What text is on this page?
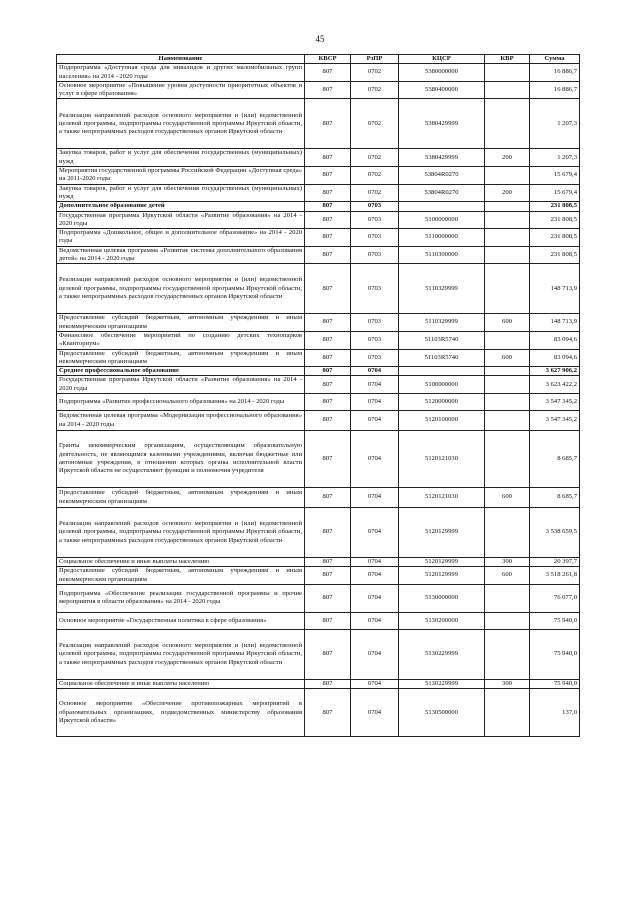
45
Наименование	КВСР	РзПР	КЦСР	КВР	Сумма
Подпрограмма «Доступная среда для инвалидов и других маломобильных групп населения» на 2014 - 2020 годы	807	0702	5380000000		16 886,7
Основное мероприятие «Повышение уровня доступности приоритетных объектов и услуг в сфере образования»	807	0702	5380400000		16 886,7
Реализация направлений расходов основного мероприятия и (или) ведомственной целевой программы, подпрограммы государственной программы Иркутской области, а также непрограммных расходов государственных органов Иркутской области	807	0702	5380429999		1 207,3
Закупка товаров, работ и услуг для обеспечения государственных (муниципальных) нужд	807	0702	5380429999	200	1 207,3
Мероприятия государственной программы Российской Федерации «Доступная среда» на 2011-2020 годы	807	0702	53804R0270		15 679,4
Закупка товаров, работ и услуг для обеспечения государственных (муниципальных) нужд	807	0702	53804R0270	200	15 679,4
Дополнительное образование детей	807	0703			231 808,5
Государственная программа Иркутской области «Развитие образования» на 2014 - 2020 годы	807	0703	5100000000		231 808,5
Подпрограмма «Дошкольное, общее и дополнительное образование» на 2014 - 2020 годы	807	0703	5110000000		231 808,5
Ведомственная целевая программа «Развитие системы дополнительного образования детей» на 2014 - 2020 годы	807	0703	5110300000		231 808,5
Реализация направлений расходов основного мероприятия и (или) ведомственной целевой программы, подпрограммы государственной программы Иркутской области, а также непрограммных расходов государственных органов Иркутской области	807	0703	5110329999		148 713,9
Предоставление субсидий бюджетным, автономным учреждениям и иным некоммерческим организациям	807	0703	5110329999	600	148 713,9
Финансовое обеспечение мероприятий по созданию детских технопарков «Кванториум»	807	0703	51103R5740		83 094,6
Предоставление субсидий бюджетным, автономным учреждениям и иным некоммерческим организациям	807	0703	51103R5740	600	83 094,6
Среднее профессиональное образование	807	0704			3 627 906,2
Государственная программа Иркутской области «Развитие образования» на 2014 - 2020 годы	807	0704	5100000000		3 623 422,2
Подпрограмма «Развитие профессионального образования» на 2014 - 2020 годы	807	0704	5120000000		3 547 345,2
Ведомственная целевая программа «Модернизация профессионального образования» на 2014 - 2020 годы	807	0704	5120100000		3 547 345,2
Гранты некоммерческим организациям, осуществляющим образовательную деятельность, не являющимся казенными учреждениями, включая бюджетные или автономные учреждения, в отношении которых органы исполнительной власти Иркутской области не осуществляют функции и полномочия учредителя	807	0704	5120121030		8 685,7
Предоставление субсидий бюджетным, автономным учреждениям и иным некоммерческим организациям	807	0704	5120121030	600	8 685,7
Реализация направлений расходов основного мероприятия и (или) ведомственной целевой программы, подпрограммы государственной программы Иркутской области, а также непрограммных расходов государственных органов Иркутской области	807	0704	5120129999		3 538 659,5
Социальное обеспечение и иные выплаты населению	807	0704	5120129999	300	20 397,7
Предоставление субсидий бюджетным, автономным учреждениям и иным некоммерческим организациям	807	0704	5120129999	600	3 518 261,8
Подпрограмма «Обеспечение реализации государственной программы и прочие мероприятия в области образования» на 2014 - 2020 годы	807	0704	5130000000		76 077,0
Основное мероприятие «Государственная политика в сфере образования»	807	0704	5130200000		75 940,0
Реализация направлений расходов основного мероприятия и (или) ведомственной целевой программы, подпрограммы государственной программы Иркутской области, а также непрограммных расходов государственных органов Иркутской области	807	0704	5130229999		75 940,0
Социальное обеспечение и иные выплаты населению	807	0704	5130229999	300	75 940,0
Основное мероприятие «Обеспечение противопожарных мероприятий в образовательных организациях, подведомственных министерству образования Иркутской области»	807	0704	5130500000		137,0
